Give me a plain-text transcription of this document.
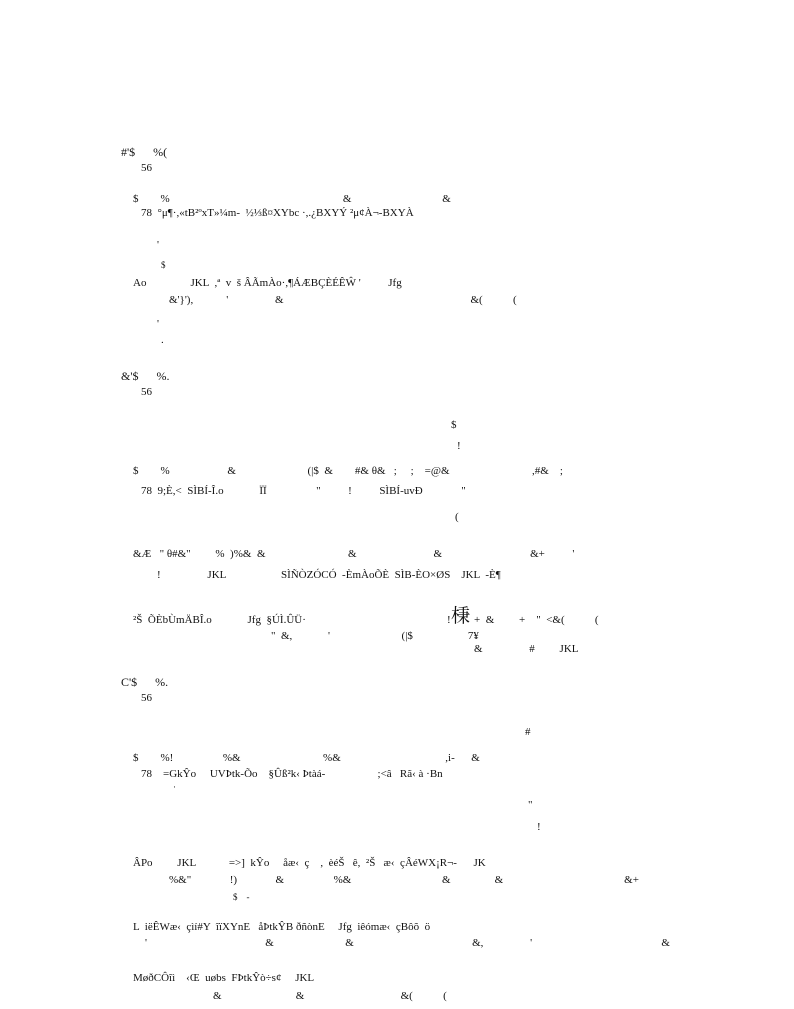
#'$      %(
56
$        %                                                               &                                 &
78  °μ¶·,«tB²ºxT»¼m-  ½⅓ß¤XYbc ·,.¿BXYÝ ²μ¢À¬-BXYÀ
'
$
Ao                JKL  ,ª  v  š ÂÃmÀo·,¶ÁÆBÇÈÉÊŴ '          Jfg
&'}'),            '                 &                                                                    &(           (
'
.
&'$      %.
56
$
!
$        %                     &                          (|$  &        #& θ&   ;     ;    =@&                              ,#&    ;
78  9;È,<  SÌBÍ-Î.o             ÏÏ                  "          !          SÌBÍ-uvÐ              "
(
&Æ   " θ#&"         %  )%&  &                              &                            &                                &+          '
!                 JKL                    SÌÑÒZÓCÓ  -ÈmÀoÕÈ  SÌB-ÈO×ØS    JKL  -È¶
²Š  ÕÈbÙmÄBÎ.o             Jfg  §ÚÌ.ÛÜ·	! 棅 +  &         +    "  <&(           (
"  &,             '                          (|$                    7¥
&                 #         JKL
C'$      %.
56
#
$        %!                  %&                              %&                                      ,i-      &
78    =GkŶo     UVÞtk-Õo    §Ûß²k‹ Þtàá-                   ;<â   Rã‹ à ·Bn
·
"
!
ÂPo         JKL            =>]  kŶo     åæ‹  ç    ,  èéŠ   ê,  ²Š   æ‹  çÂéWX¡R¬-      JK
%&"              !)              &                  %&                                 &                &                                            &+
$    -
L  iëÊWæ‹  çìí#Y  îïXYnE   åÞtkŶB ðñònE     Jfg  iêómæ‹  çBôõ  ö
'                                           &                          &                                           &,                 '                                               &
MøðCÔîì    ‹Œ  uøbs  FÞtkŶò÷s¢     JKL
&                           &                                   &(           (
